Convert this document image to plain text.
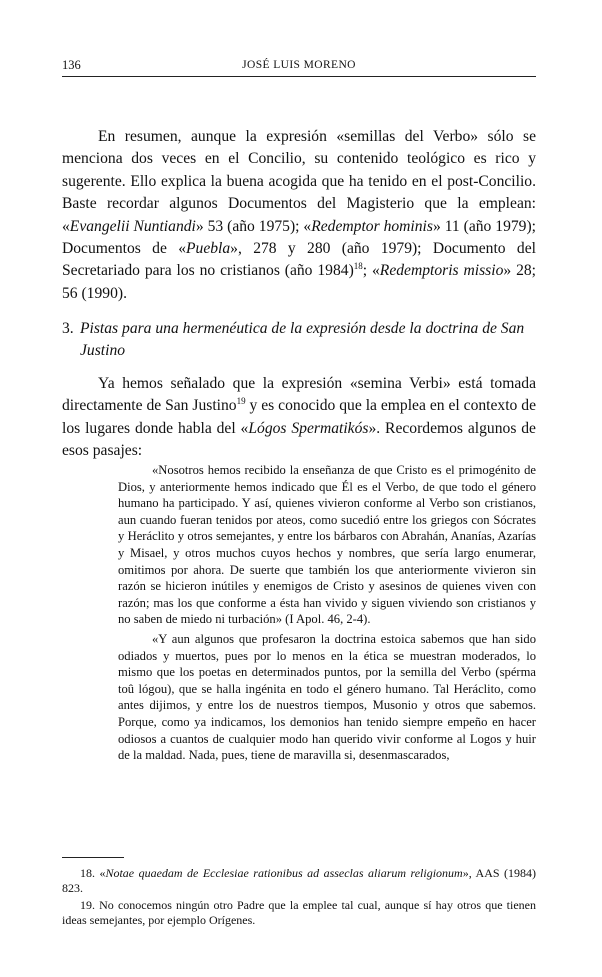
136	JOSÉ LUIS MORENO

En resumen, aunque la expresión «semillas del Verbo» sólo se menciona dos veces en el Concilio, su contenido teológico es rico y sugerente. Ello explica la buena acogida que ha tenido en el post-Concilio. Baste recordar algunos Documentos del Magisterio que la emplean: «Evangelii Nuntiandi» 53 (año 1975); «Redemptor hominis» 11 (año 1979); Documentos de «Puebla», 278 y 280 (año 1979); Documento del Secretariado para los no cristianos (año 1984)$^{18}$; «Redemptoris missio» 28; 56 (1990).

3. Pistas para una hermenéutica de la expresión desde la doctrina de San Justino

Ya hemos señalado que la expresión «semina Verbi» está tomada directamente de San Justino$^{19}$ y es conocido que la emplea en el contexto de los lugares donde habla del «Lógos Spermatikós». Recordemos algunos de esos pasajes:

«Nosotros hemos recibido la enseñanza de que Cristo es el primogénito de Dios, y anteriormente hemos indicado que Él es el Verbo, de que todo el género humano ha participado. Y así, quienes vivieron conforme al Verbo son cristianos, aun cuando fueran tenidos por ateos, como sucedió entre los griegos con Sócrates y Heráclito y otros semejantes, y entre los bárbaros con Abrahán, Ananías, Azarías y Misael, y otros muchos cuyos hechos y nombres, que sería largo enumerar, omitimos por ahora. De suerte que también los que anteriormente vivieron sin razón se hicieron inútiles y enemigos de Cristo y asesinos de quienes viven con razón; mas los que conforme a ésta han vivido y siguen viviendo son cristianos y no saben de miedo ni turbación» (I Apol. 46, 2-4).

«Y aun algunos que profesaron la doctrina estoica sabemos que han sido odiados y muertos, pues por lo menos en la ética se muestran moderados, lo mismo que los poetas en determinados puntos, por la semilla del Verbo (spérma toû lógou), que se halla ingénita en todo el género humano. Tal Heráclito, como antes dijimos, y entre los de nuestros tiempos, Musonio y otros que sabemos. Porque, como ya indicamos, los demonios han tenido siempre empeño en hacer odiosos a cuantos de cualquier modo han querido vivir conforme al Logos y huir de la maldad. Nada, pues, tiene de maravilla si, desenmascarados,

18. «Notae quaedam de Ecclesiae rationibus ad asseclas aliarum religionum», AAS (1984) 823.

19. No conocemos ningún otro Padre que la emplee tal cual, aunque sí hay otros que tienen ideas semejantes, por ejemplo Orígenes.
